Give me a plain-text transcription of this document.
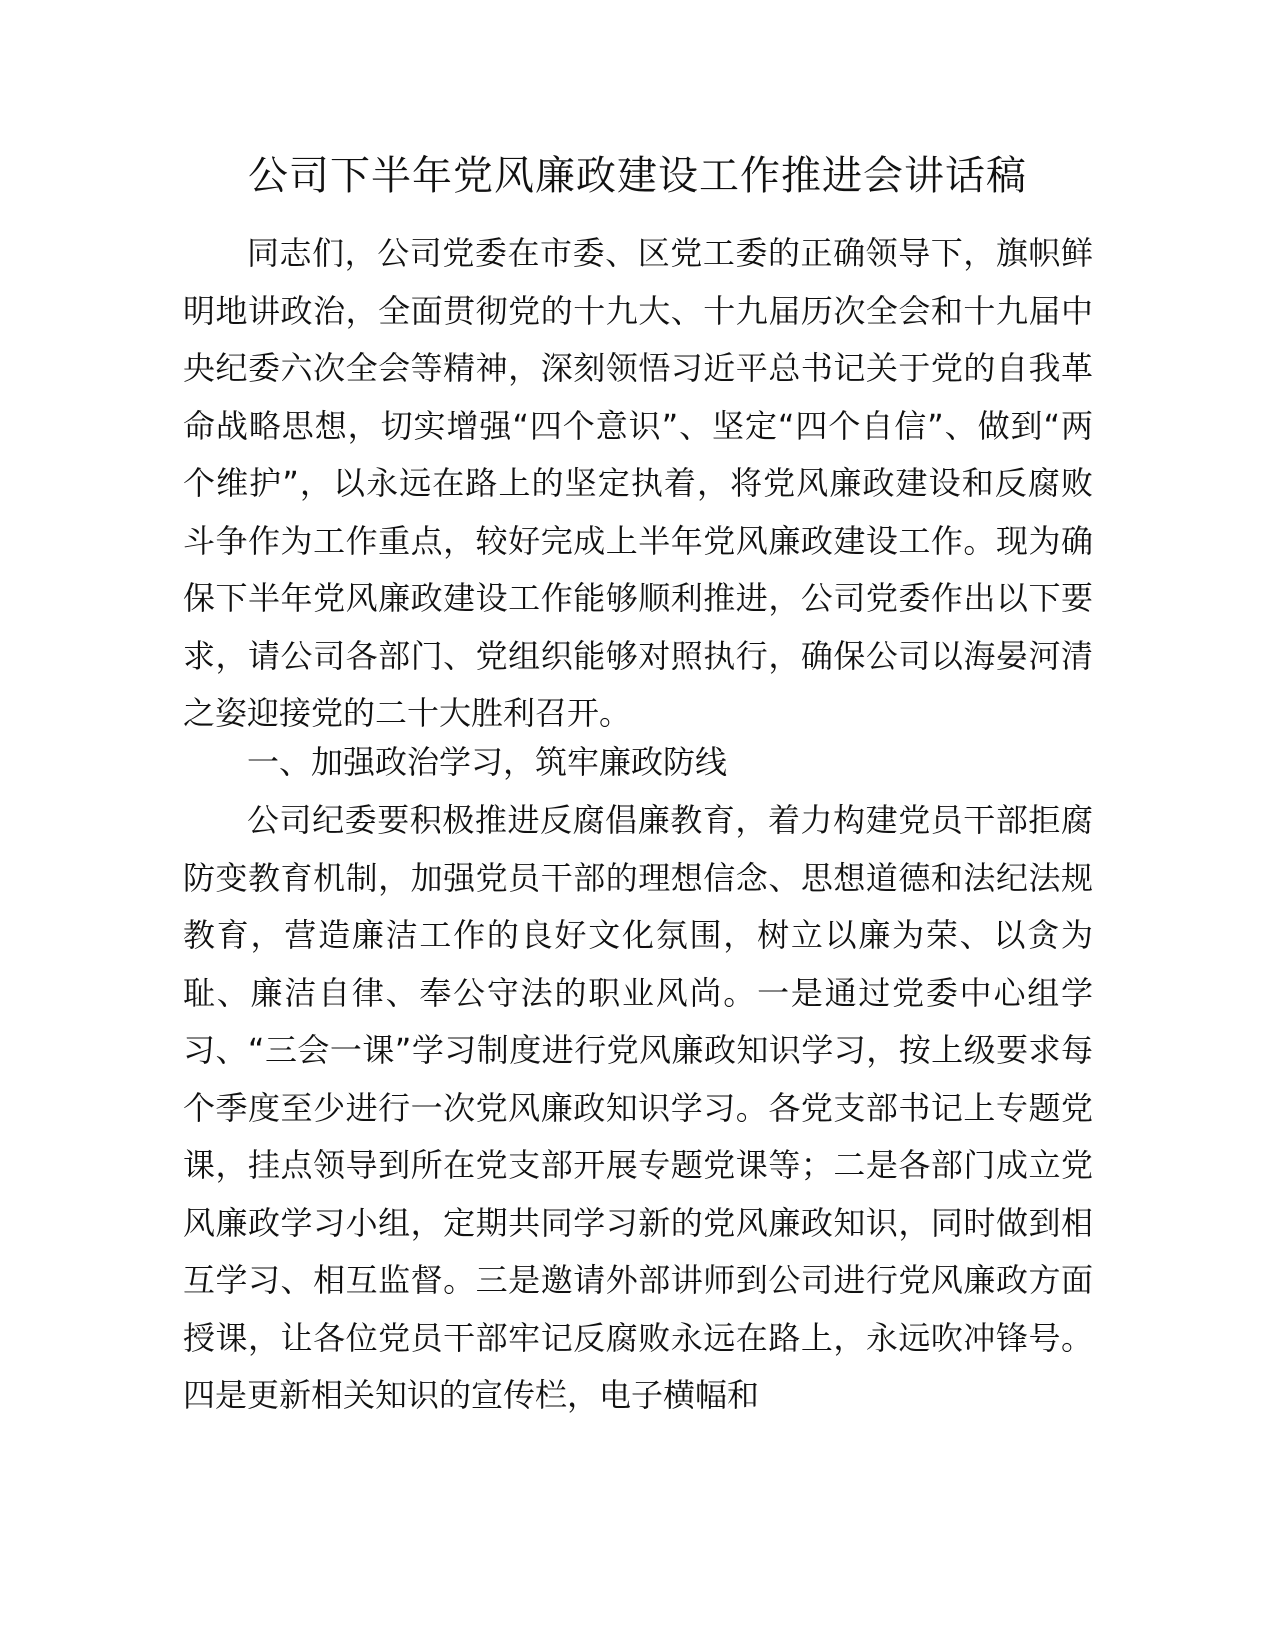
公司下半年党风廉政建设工作推进会讲话稿

同志们，公司党委在市委、区党工委的正确领导下，旗帜鲜明地讲政治，全面贯彻党的十九大、十九届历次全会和十九届中央纪委六次全会等精神，深刻领悟习近平总书记关于党的自我革命战略思想，切实增强“四个意识”、坚定“四个自信”、做到“两个维护”，以永远在路上的坚定执着，将党风廉政建设和反腐败斗争作为工作重点，较好完成上半年党风廉政建设工作。现为确保下半年党风廉政建设工作能够顺利推进，公司党委作出以下要求，请公司各部门、党组织能够对照执行，确保公司以海晏河清之姿迎接党的二十大胜利召开。

一、加强政治学习，筑牢廉政防线

公司纪委要积极推进反腐倡廉教育，着力构建党员干部拒腐防变教育机制，加强党员干部的理想信念、思想道德和法纪法规教育，营造廉洁工作的良好文化氛围，树立以廉为荣、以贪为耻、廉洁自律、奉公守法的职业风尚。一是通过党委中心组学习、“三会一课”学习制度进行党风廉政知识学习，按上级要求每个季度至少进行一次党风廉政知识学习。各党支部书记上专题党课，挂点领导到所在党支部开展专题党课等；二是各部门成立党风廉政学习小组，定期共同学习新的党风廉政知识，同时做到相互学习、相互监督。三是邀请外部讲师到公司进行党风廉政方面授课，让各位党员干部牢记反腐败永远在路上，永远吹冲锋号。四是更新相关知识的宣传栏，电子横幅和
